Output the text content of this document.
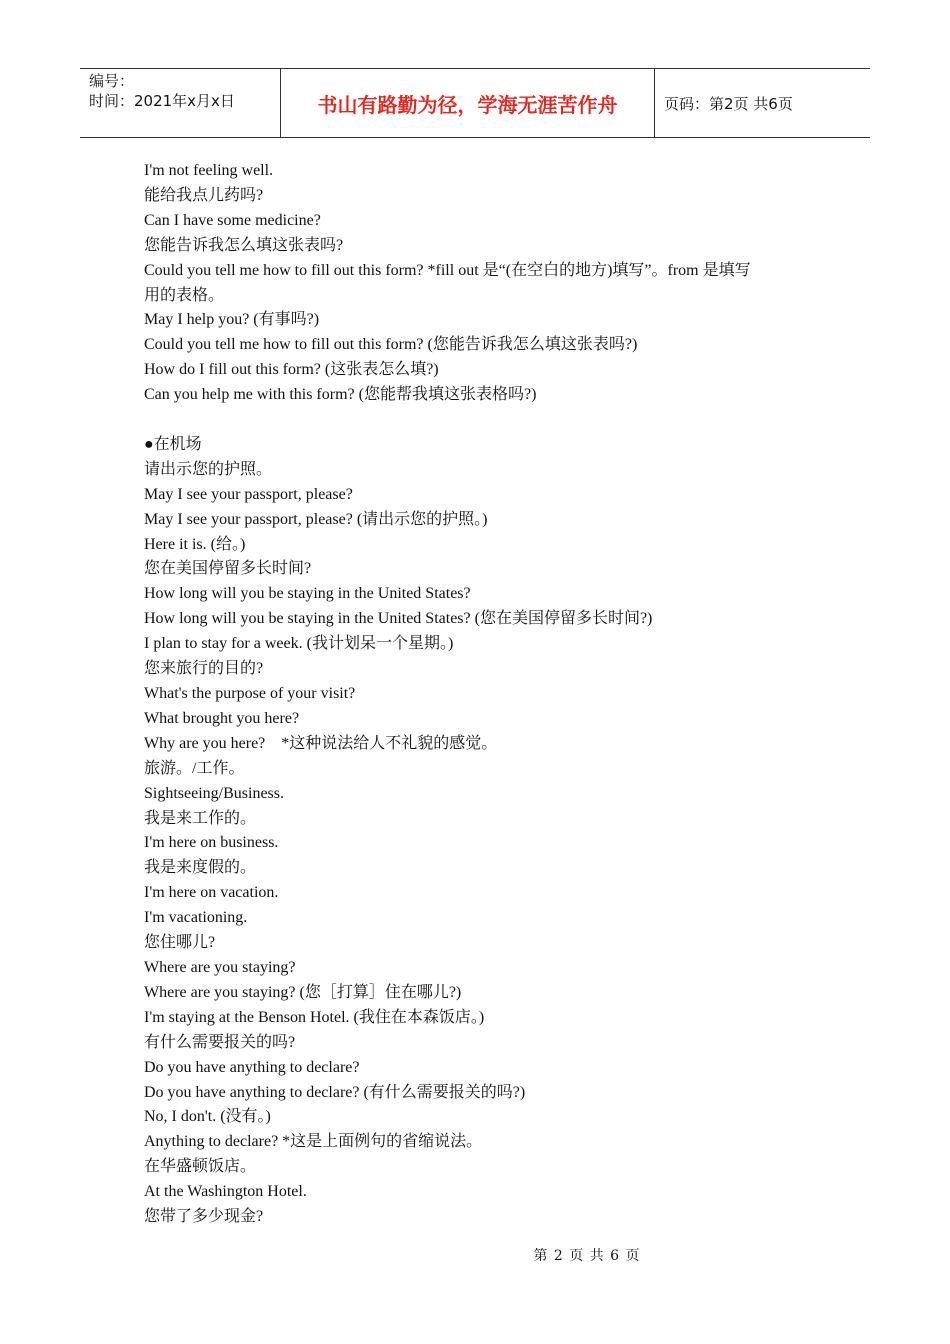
编号：
时间：2021年x月x日	书山有路勤为径，学海无涯苦作舟	页码：第2页 共6页
I'm not feeling well.
能给我点儿药吗?
Can I have some medicine?
您能告诉我怎么填这张表吗?
Could you tell me how to fill out this form? *fill out 是“(在空白的地方)填写”。from 是填写
用的表格。
May I help you? (有事吗?)
Could you tell me how to fill out this form? (您能告诉我怎么填这张表吗?)
How do I fill out this form? (这张表怎么填?)
Can you help me with this form? (您能帮我填这张表格吗?)
●在机场
请出示您的护照。
May I see your passport, please?
May I see your passport, please? (请出示您的护照。)
Here it is. (给。)
您在美国停留多长时间?
How long will you be staying in the United States?
How long will you be staying in the United States? (您在美国停留多长时间?)
I plan to stay for a week. (我计划呆一个星期。)
您来旅行的目的?
What's the purpose of your visit?
What brought you here?
Why are you here?    *这种说法给人不礼貌的感觉。
旅游。/工作。
Sightseeing/Business.
我是来工作的。
I'm here on business.
我是来度假的。
I'm here on vacation.
I'm vacationing.
您住哪儿?
Where are you staying?
Where are you staying? (您［打算］住在哪儿?)
I'm staying at the Benson Hotel. (我住在本森饭店。)
有什么需要报关的吗?
Do you have anything to declare?
Do you have anything to declare? (有什么需要报关的吗?)
No, I don't. (没有。)
Anything to declare? *这是上面例句的省缩说法。
在华盛顿饭店。
At the Washington Hotel.
您带了多少现金?
第 2 页 共 6 页
